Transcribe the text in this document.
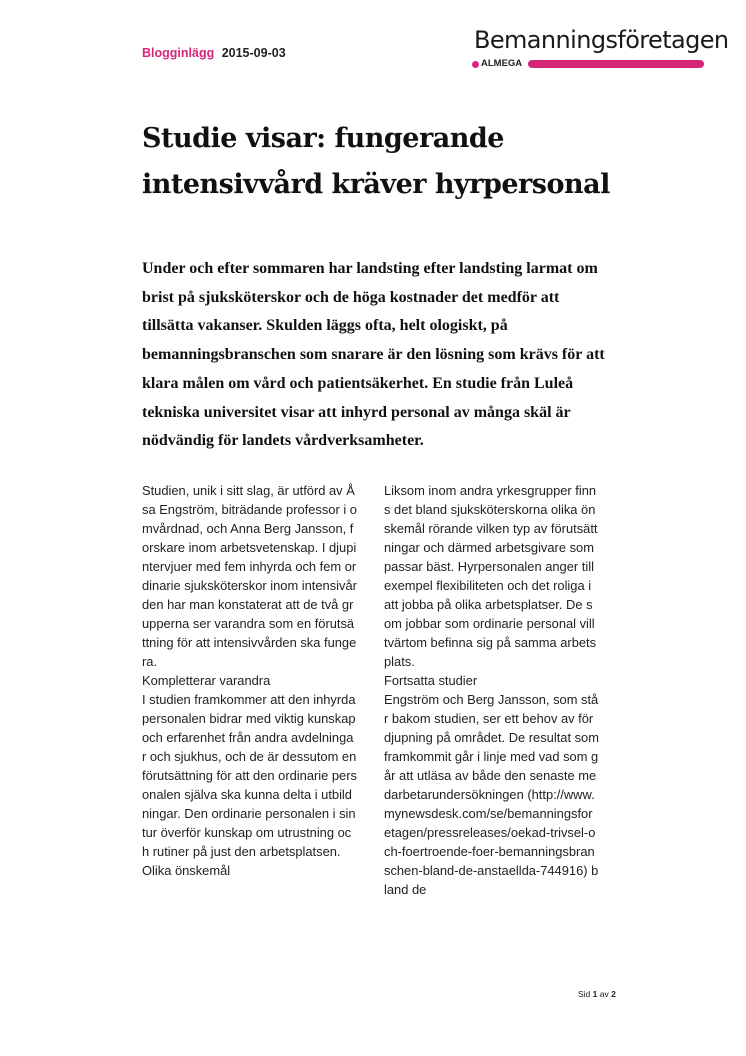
Blogginlägg 2015-09-03	Bemanningsföretagen
ALMEGA
Studie visar: fungerande intensivvård kräver hyrpersonal

Under och efter sommaren har landsting efter landsting larmat om brist på sjuksköterskor och de höga kostnader det medför att tillsätta vakanser. Skulden läggs ofta, helt ologiskt, på bemanningsbranschen som snarare är den lösning som krävs för att klara målen om vård och patientsäkerhet. En studie från Luleå tekniska universitet visar att inhyrd personal av många skäl är nödvändig för landets vårdverksamheter.

Studien, unik i sitt slag, är utförd av Åsa Engström, biträdande professor i omvårdnad, och Anna Berg Jansson, forskare inom arbetsvetenskap. I djupintervjuer med fem inhyrda och fem ordinarie sjuksköterskor inom intensivården har man konstaterat att de två grupperna ser varandra som en förutsättning för att intensivvården ska fungera.
Kompletterar varandra
I studien framkommer att den inhyrda personalen bidrar med viktig kunskap och erfarenhet från andra avdelningar och sjukhus, och de är dessutom en förutsättning för att den ordinarie personalen själva ska kunna delta i utbildningar. Den ordinarie personalen i sin tur överför kunskap om utrustning och rutiner på just den arbetsplatsen.
Olika önskemål

Liksom inom andra yrkesgrupper finns det bland sjuksköterskorna olika önskemål rörande vilken typ av förutsättningar och därmed arbetsgivare som passar bäst. Hyrpersonalen anger till exempel flexibiliteten och det roliga i att jobba på olika arbetsplatser. De som jobbar som ordinarie personal vill tvärtom befinna sig på samma arbetsplats.
Fortsatta studier
Engström och Berg Jansson, som står bakom studien, ser ett behov av fördjupning på området. De resultat som framkommit går i linje med vad som går att utläsa av både den senaste medarbetarundersökningen (http://www.mynewsdesk.com/se/bemanningsforetagen/pressreleases/oekad-trivsel-och-foertroende-foer-bemanningsbranschen-bland-de-anstaellda-744916) bland de

Sid 1 av 2
